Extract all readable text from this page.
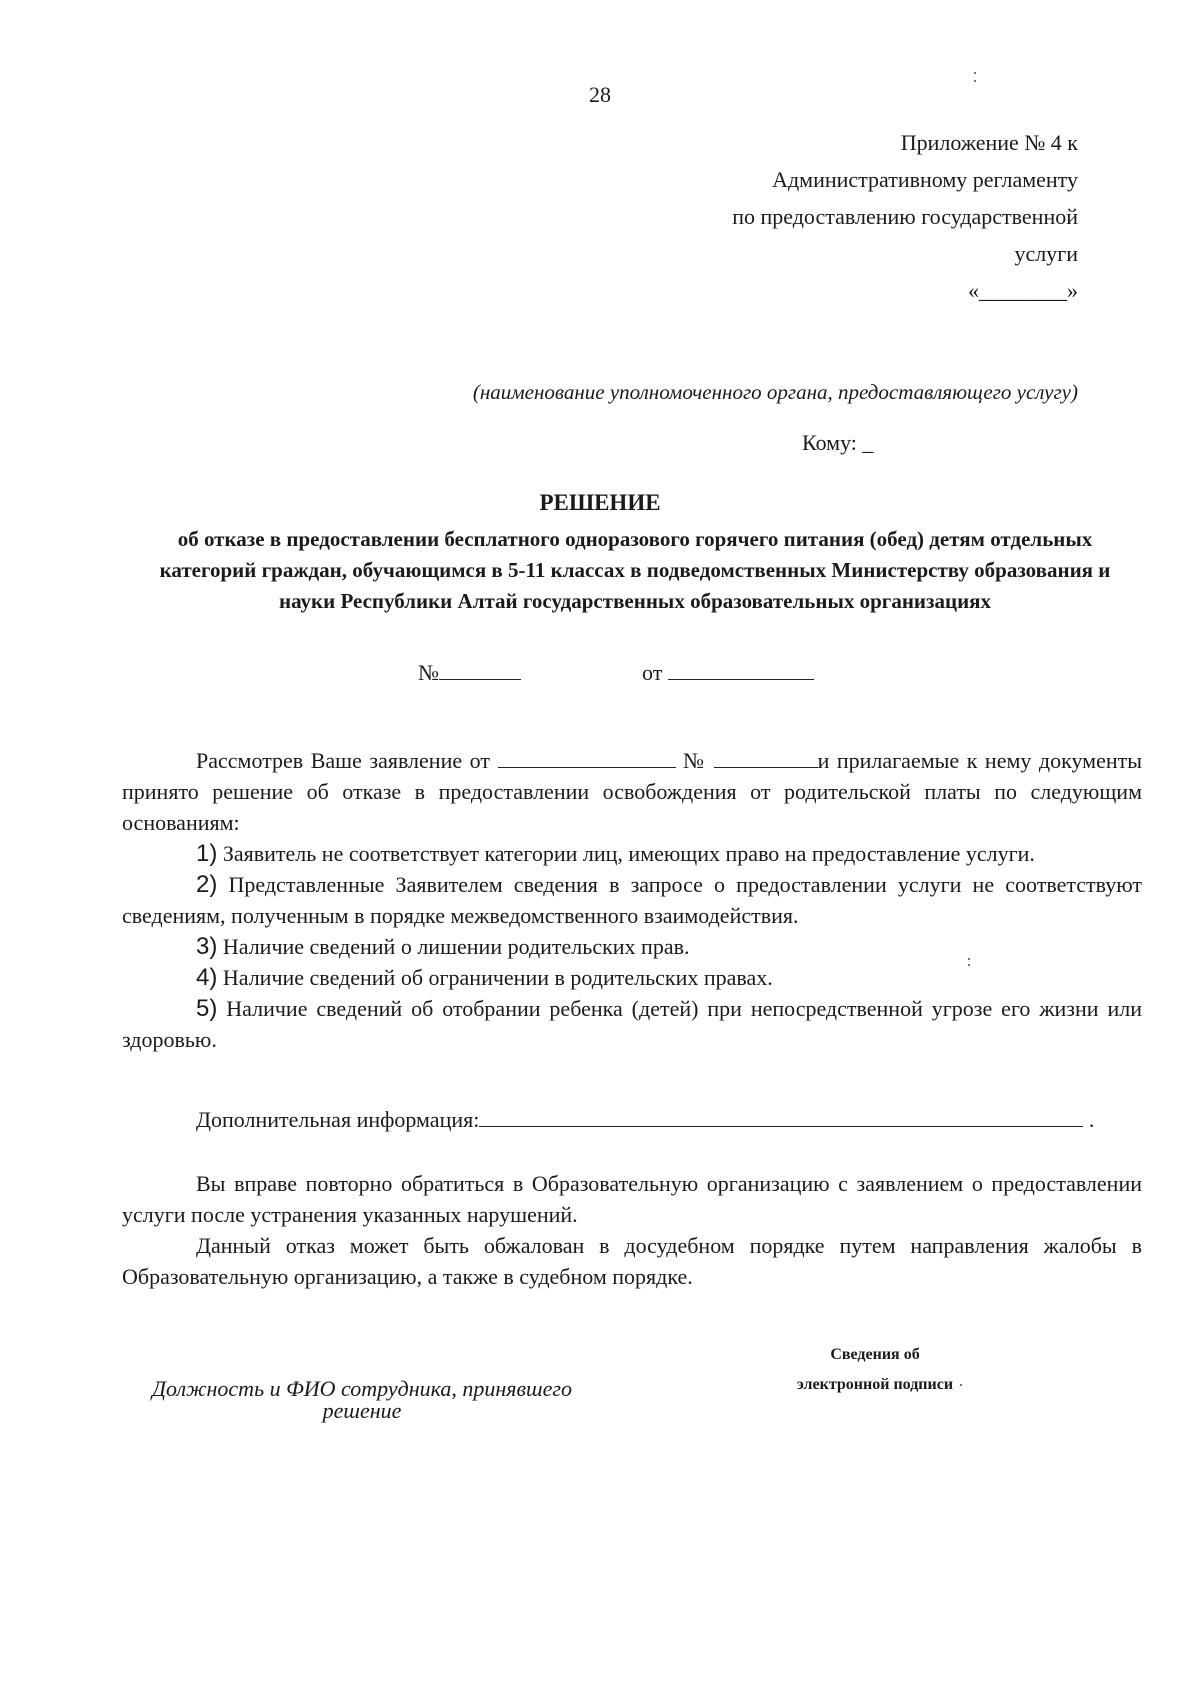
28
Приложение № 4 к
Административному регламенту
по предоставлению государственной
услуги
«________»
(наименование уполномоченного органа, предоставляющего услугу)
Кому: _
РЕШЕНИЕ
об отказе в предоставлении бесплатного одноразового горячего питания (обед) детям отдельных категорий граждан, обучающимся в 5-11 классах в подведомственных Министерству образования и науки Республики Алтай государственных образовательных организациях
№	от

Рассмотрев Ваше заявление от	№	и прилагаемые к нему документы принято решение об отказе в предоставлении освобождения от родительской платы по следующим основаниям:

1) Заявитель не соответствует категории лиц, имеющих право на предоставление услуги.

2) Представленные Заявителем сведения в запросе о предоставлении услуги не соответствуют сведениям, полученным в порядке межведомственного взаимодействия.

3) Наличие сведений о лишении родительских прав.

4) Наличие сведений об ограничении в родительских правах.

5) Наличие сведений об отобрании ребенка (детей) при непосредственной угрозе его жизни или здоровью.

Дополнительная информация:	.

Вы вправе повторно обратиться в Образовательную организацию с заявлением о предоставлении услуги после устранения указанных нарушений.

Данный отказ может быть обжалован в досудебном порядке путем направления жалобы в Образовательную организацию, а также в судебном порядке.

Сведения об
электронной подписи
Должность и ФИО сотрудника, принявшего
решение
